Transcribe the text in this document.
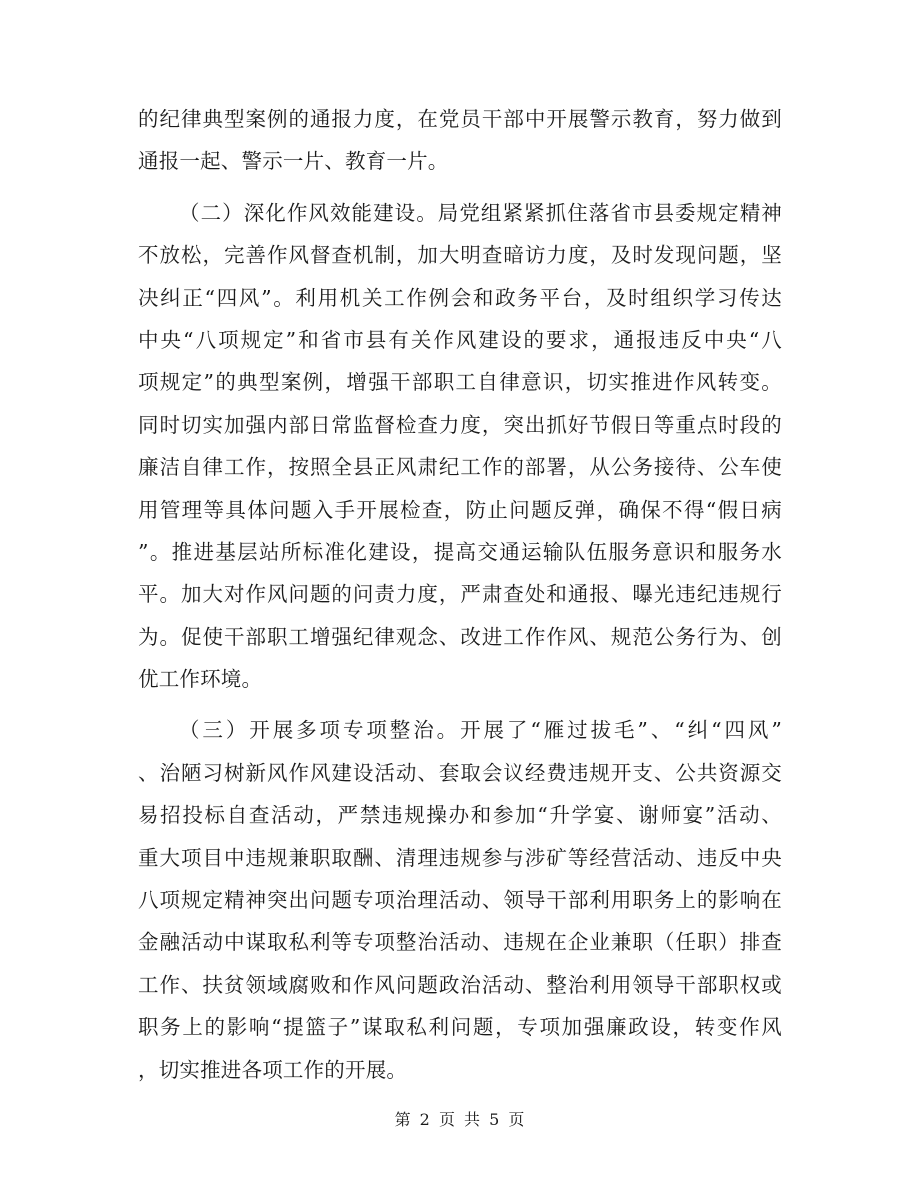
的纪律典型案例的通报力度，在党员干部中开展警示教育，努力做到
通报一起、警示一片、教育一片。
（二）深化作风效能建设。局党组紧紧抓住落省市县委规定精神
不放松，完善作风督查机制，加大明查暗访力度，及时发现问题，坚
决纠正“四风”。利用机关工作例会和政务平台，及时组织学习传达
中央“八项规定”和省市县有关作风建设的要求，通报违反中央“八
项规定”的典型案例，增强干部职工自律意识，切实推进作风转变。
同时切实加强内部日常监督检查力度，突出抓好节假日等重点时段的
廉洁自律工作，按照全县正风肃纪工作的部署，从公务接待、公车使
用管理等具体问题入手开展检查，防止问题反弹，确保不得“假日病
”。推进基层站所标准化建设，提高交通运输队伍服务意识和服务水
平。加大对作风问题的问责力度，严肃查处和通报、曝光违纪违规行
为。促使干部职工增强纪律观念、改进工作作风、规范公务行为、创
优工作环境。
（三）开展多项专项整治。开展了“雁过拔毛”、“纠“四风”
、治陋习树新风作风建设活动、套取会议经费违规开支、公共资源交
易招投标自查活动，严禁违规操办和参加“升学宴、谢师宴”活动、
重大项目中违规兼职取酬、清理违规参与涉矿等经营活动、违反中央
八项规定精神突出问题专项治理活动、领导干部利用职务上的影响在
金融活动中谋取私利等专项整治活动、违规在企业兼职（任职）排查
工作、扶贫领域腐败和作风问题政治活动、整治利用领导干部职权或
职务上的影响“提篮子”谋取私利问题，专项加强廉政设，转变作风
，切实推进各项工作的开展。
第 2 页 共 5 页
